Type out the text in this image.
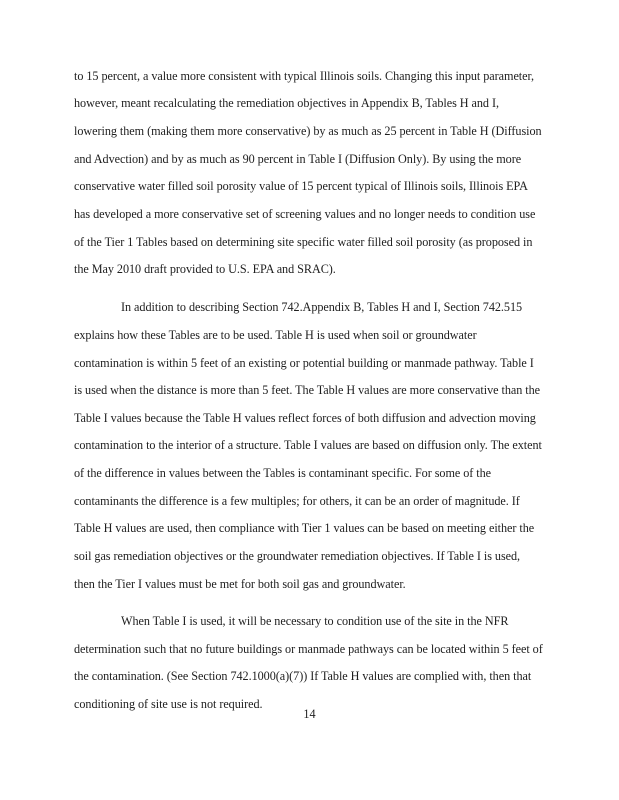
to 15 percent, a value more consistent with typical Illinois soils. Changing this input parameter,
however, meant recalculating the remediation objectives in Appendix B, Tables H and I,
lowering them (making them more conservative) by as much as 25 percent in Table H (Diffusion
and Advection) and by as much as 90 percent in Table I (Diffusion Only). By using the more
conservative water filled soil porosity value of 15 percent typical of Illinois soils, Illinois EPA
has developed a more conservative set of screening values and no longer needs to condition use
of the Tier 1 Tables based on determining site specific water filled soil porosity (as proposed in
the May 2010 draft provided to U.S. EPA and SRAC).
In addition to describing Section 742.Appendix B, Tables H and I, Section 742.515
explains how these Tables are to be used. Table H is used when soil or groundwater
contamination is within 5 feet of an existing or potential building or manmade pathway. Table I
is used when the distance is more than 5 feet. The Table H values are more conservative than the
Table I values because the Table H values reflect forces of both diffusion and advection moving
contamination to the interior of a structure. Table I values are based on diffusion only. The extent
of the difference in values between the Tables is contaminant specific. For some of the
contaminants the difference is a few multiples; for others, it can be an order of magnitude. If
Table H values are used, then compliance with Tier 1 values can be based on meeting either the
soil gas remediation objectives or the groundwater remediation objectives. If Table I is used,
then the Tier I values must be met for both soil gas and groundwater.
When Table I is used, it will be necessary to condition use of the site in the NFR
determination such that no future buildings or manmade pathways can be located within 5 feet of
the contamination. (See Section 742.1000(a)(7)) If Table H values are complied with, then that
conditioning of site use is not required.
14
